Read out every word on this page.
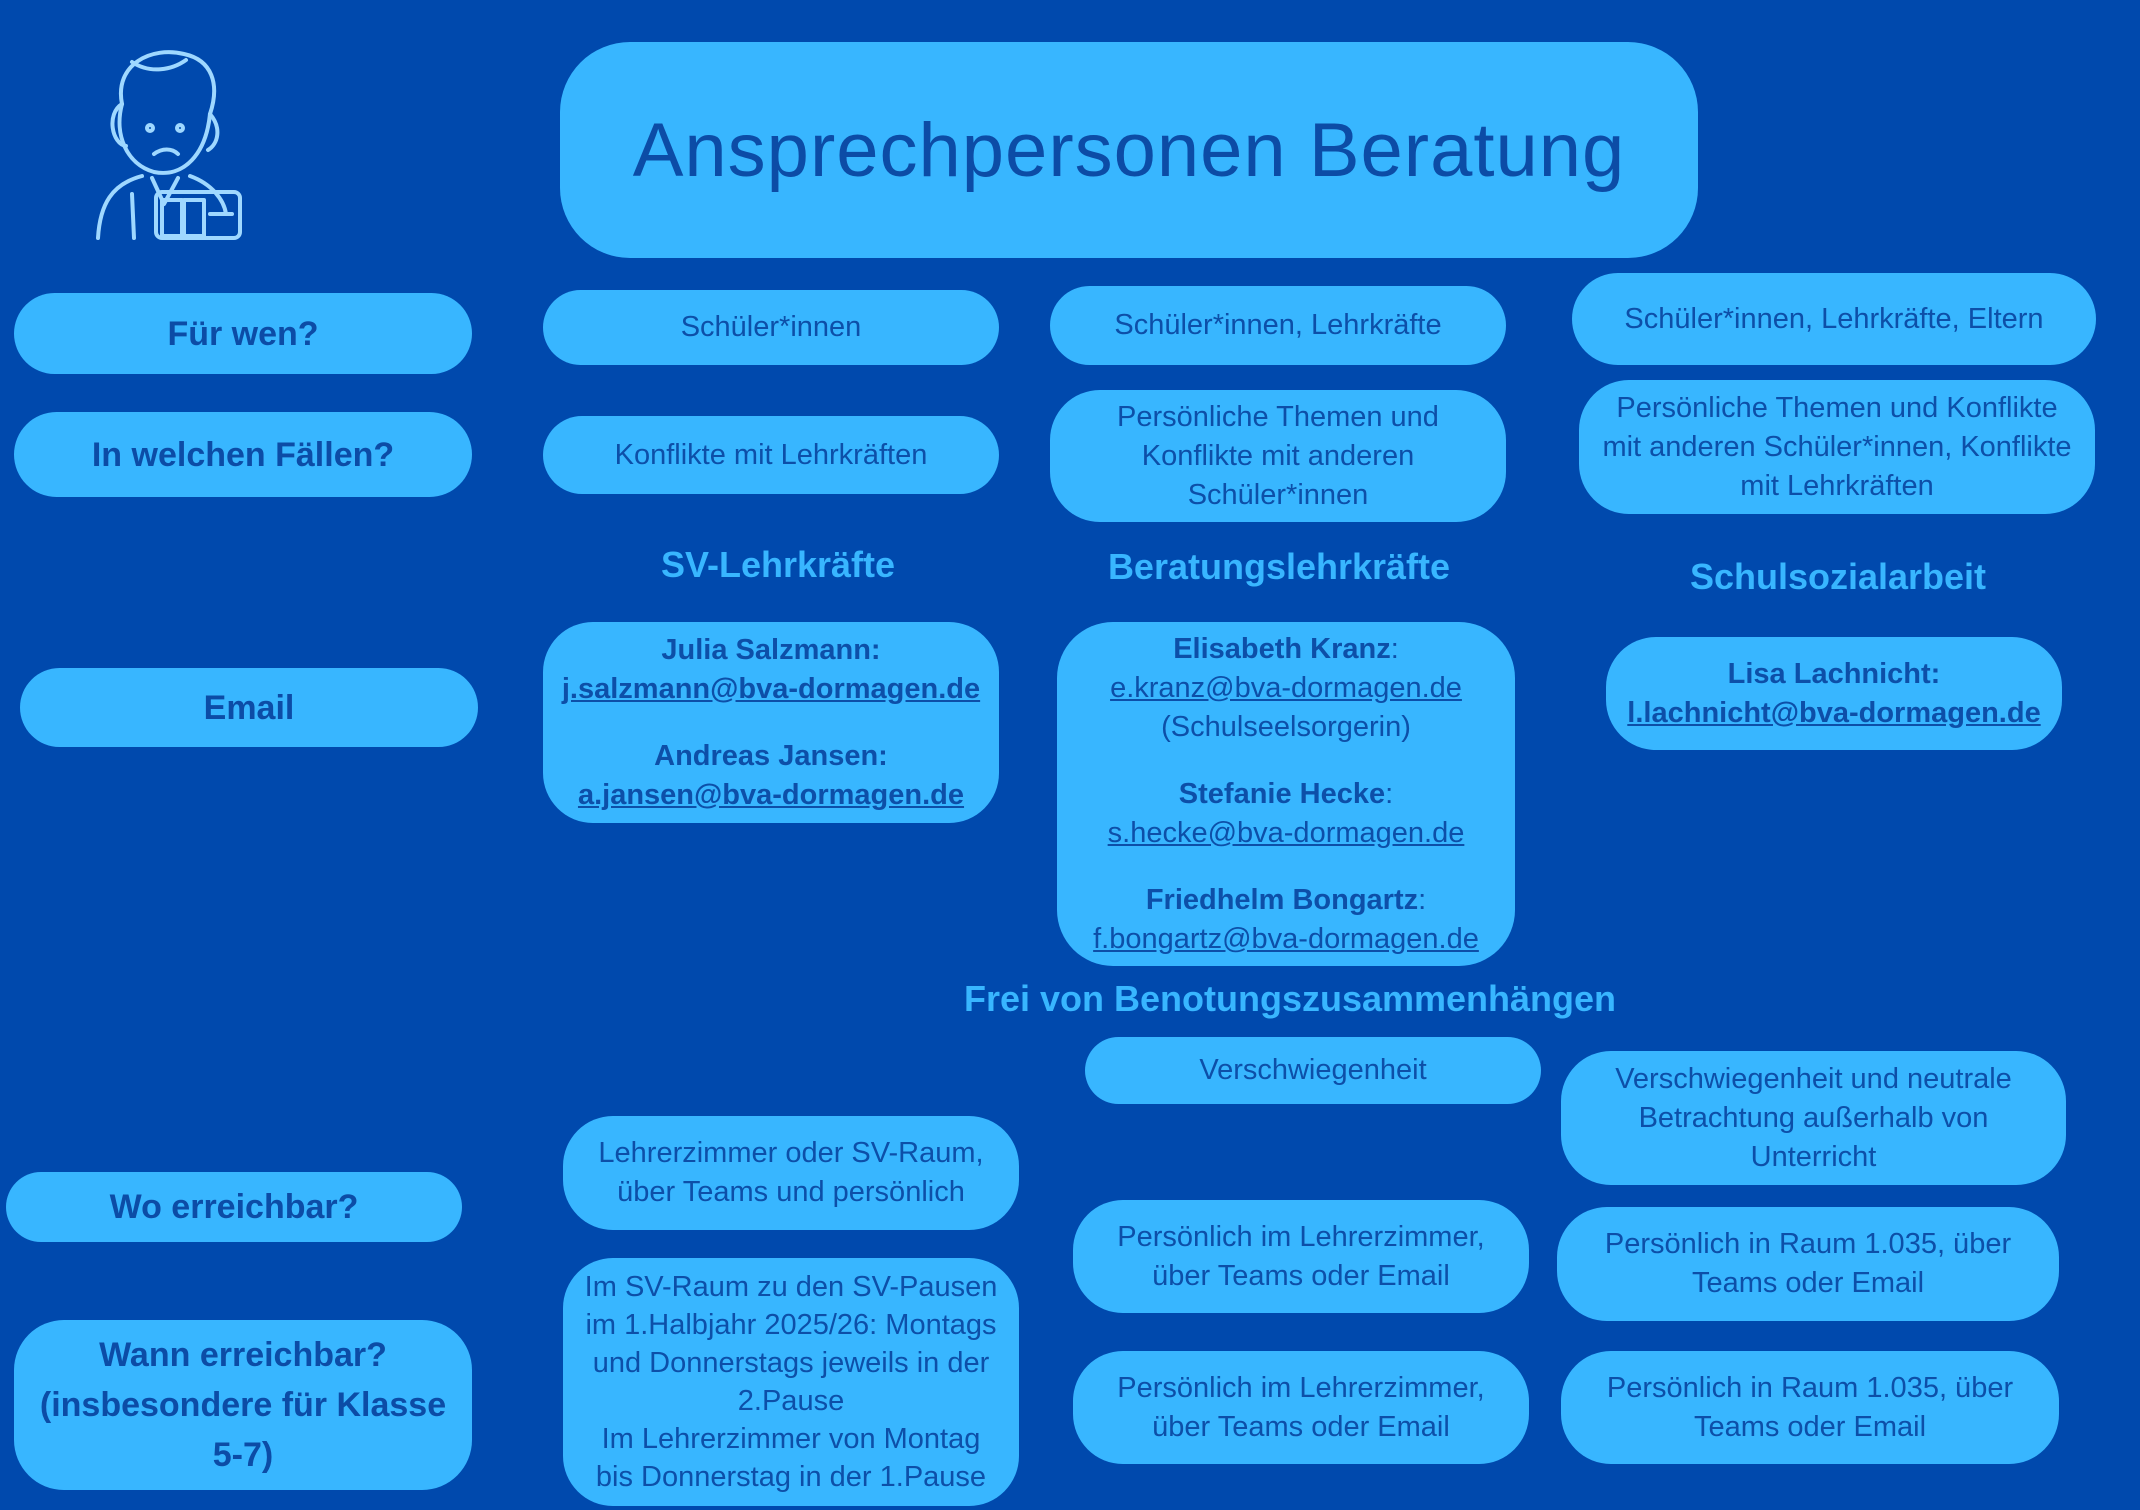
Ansprechpersonen Beratung
Für wen?
In welchen Fällen?
Email
Wo erreichbar?
Wann erreichbar?
(insbesondere für Klasse
5-7)
Schüler*innen
Konflikte mit Lehrkräften
SV-Lehrkräfte
Julia Salzmann:
j.salzmann@bva-dormagen.de
Andreas Jansen:
a.jansen@bva-dormagen.de
Lehrerzimmer oder SV-Raum,
über Teams und persönlich
Im SV-Raum zu den SV-Pausen
im 1.Halbjahr 2025/26: Montags
und Donnerstags jeweils in der
2.Pause
Im Lehrerzimmer von Montag
bis Donnerstag in der 1.Pause
Schüler*innen, Lehrkräfte
Persönliche Themen und
Konflikte mit anderen
Schüler*innen
Beratungslehrkräfte
Elisabeth Kranz:
e.kranz@bva-dormagen.de
(Schulseelsorgerin)
Stefanie Hecke:
s.hecke@bva-dormagen.de
Friedhelm Bongartz:
f.bongartz@bva-dormagen.de
Frei von Benotungszusammenhängen
Verschwiegenheit
Persönlich im Lehrerzimmer,
über Teams oder Email
Persönlich im Lehrerzimmer,
über Teams oder Email
Schüler*innen, Lehrkräfte, Eltern
Persönliche Themen und Konflikte
mit anderen Schüler*innen, Konflikte
mit Lehrkräften
Schulsozialarbeit
Lisa Lachnicht:
l.lachnicht@bva-dormagen.de
Verschwiegenheit und neutrale
Betrachtung außerhalb von
Unterricht
Persönlich in Raum 1.035, über
Teams oder Email
Persönlich in Raum 1.035, über
Teams oder Email
